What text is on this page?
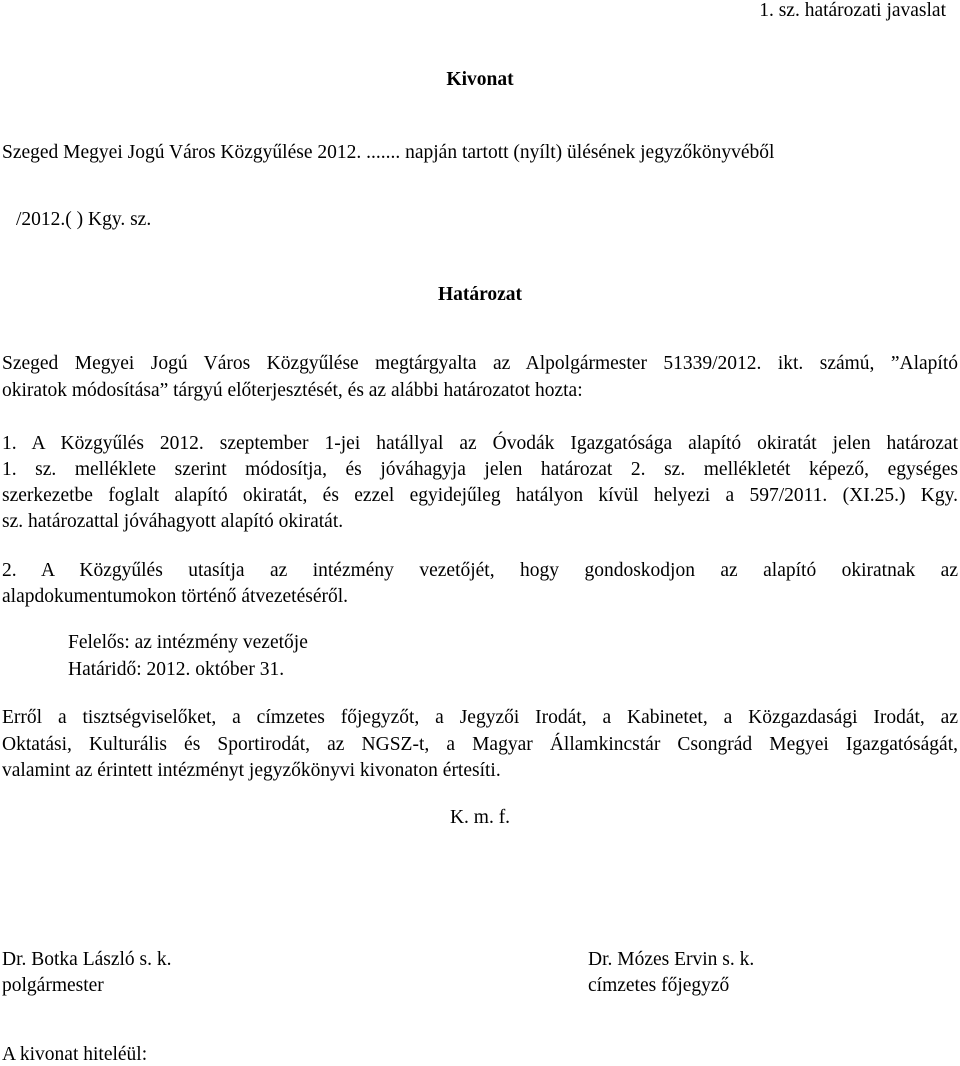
1. sz. határozati javaslat
Kivonat
Szeged Megyei Jogú Város Közgyűlése 2012. ....... napján tartott (nyílt) ülésének jegyzőkönyvéből
/2012.( ) Kgy. sz.
Határozat
Szeged Megyei Jogú Város Közgyűlése megtárgyalta az Alpolgármester 51339/2012. ikt. számú, ”Alapító
okiratok módosítása” tárgyú előterjesztését, és az alábbi határozatot hozta:
1. A Közgyűlés 2012. szeptember 1-jei hatállyal az Óvodák Igazgatósága alapító okiratát jelen határozat
1. sz. melléklete szerint módosítja, és jóváhagyja jelen határozat 2. sz. mellékletét képező, egységes
szerkezetbe foglalt alapító okiratát, és ezzel egyidejűleg hatályon kívül helyezi a 597/2011. (XI.25.) Kgy.
sz. határozattal jóváhagyott alapító okiratát.
2. A Közgyűlés utasítja az intézmény vezetőjét, hogy gondoskodjon az alapító okiratnak az
alapdokumentumokon történő átvezetéséről.
Felelős: az intézmény vezetője
Határidő: 2012. október 31.
Erről a tisztségviselőket, a címzetes főjegyzőt, a Jegyzői Irodát, a Kabinetet, a Közgazdasági Irodát, az
Oktatási, Kulturális és Sportirodát, az NGSZ-t, a Magyar Államkincstár Csongrád Megyei Igazgatóságát,
valamint az érintett intézményt jegyzőkönyvi kivonaton értesíti.
K. m. f.
Dr. Botka László s. k.
polgármester
Dr. Mózes Ervin s. k.
címzetes főjegyző
A kivonat hiteléül:
